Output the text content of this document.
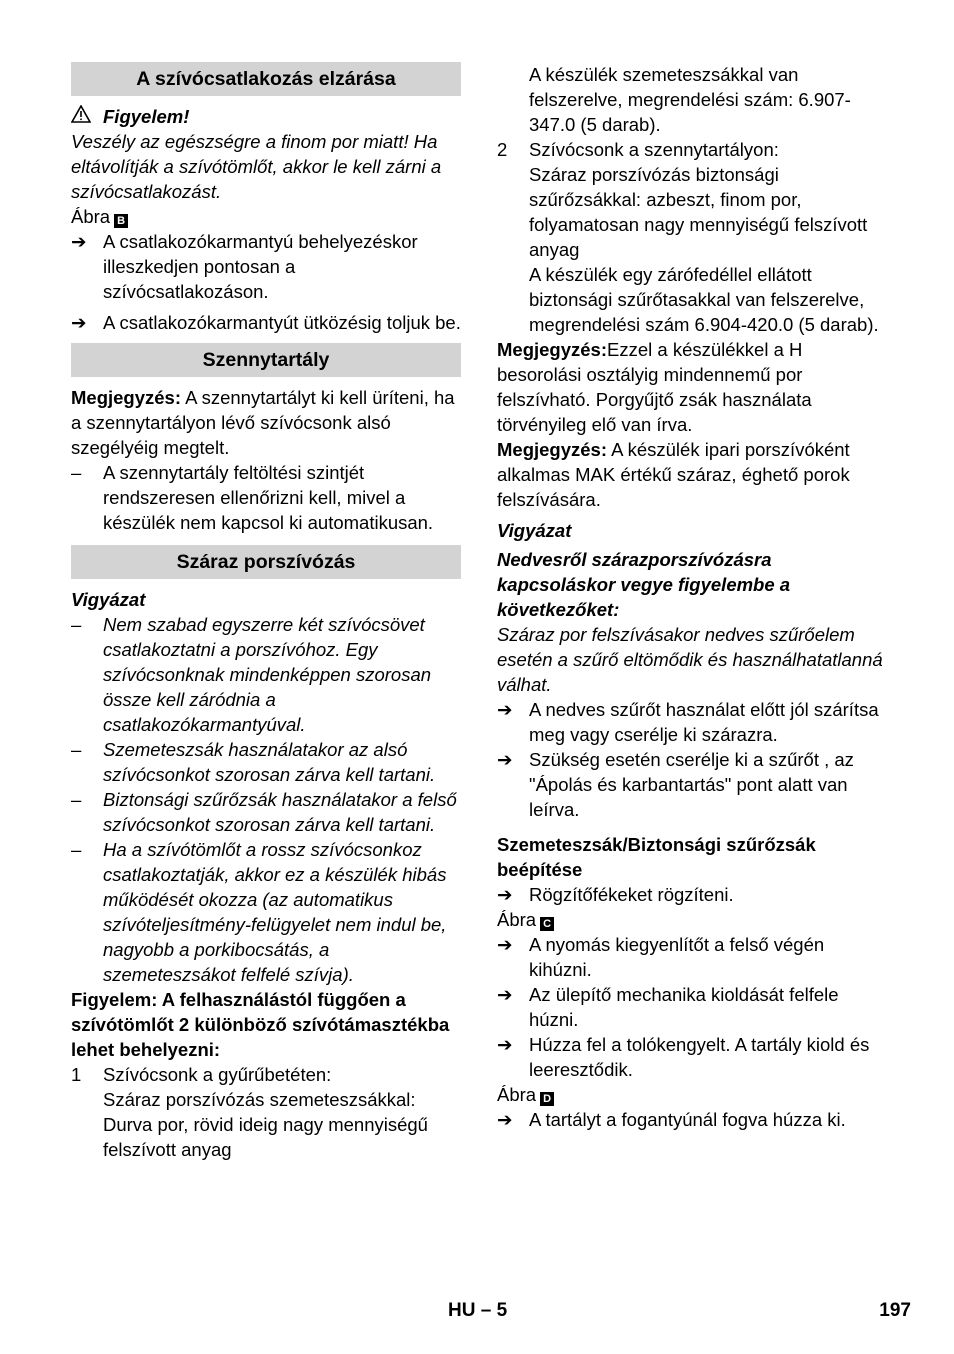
A szívócsatlakozás elzárása
Figyelem!

Veszély az egészségre a finom por miatt! Ha eltávolítják a szívótömlőt, akkor le kell zárni a szívócsatlakozást.

Ábra B

➔ A csatlakozókarmantyú behelyezéskor illeszkedjen pontosan a szívócsatlakozáson.
➔ A csatlakozókarmantyút ütközésig toljuk be.
Szennytartály

Megjegyzés: A szennytartályt ki kell üríteni, ha a szennytartályon lévő szívócsonk alsó szegélyéig megtelt.

–	A szennytartály feltöltési szintjét rendszeresen ellenőrizni kell, mivel a készülék nem kapcsol ki automatikusan.
Száraz porszívózás

Vigyázat

–	Nem szabad egyszerre két szívócsövet csatlakoztatni a porszívóhoz. Egy szívócsonknak mindenképpen szorosan össze kell záródnia a csatlakozókarmantyúval.
–	Szemeteszsák használatakor az alsó szívócsonkot szorosan zárva kell tartani.
–	Biztonsági szűrőzsák használatakor a felső szívócsonkot szorosan zárva kell tartani.
–	Ha a szívótömlőt a rossz szívócsonkoz csatlakoztatják, akkor ez a készülék hibás működését okozza (az automatikus szívóteljesítmény-felügyelet nem indul be, nagyobb a porkibocsátás, a szemeteszsákot felfelé szívja).

Figyelem: A felhasználástól függően a szívótömlőt 2 különböző szívótámasztékba lehet behelyezni:

1	Szívócsonk a gyűrűbetéten:

Száraz porszívózás szemeteszsákkal: Durva por, rövid ideig nagy mennyiségű felszívott anyag

A készülék szemeteszsákkal van felszerelve, megrendelési szám: 6.907-347.0 (5 darab).

2	Szívócsonk a szennytartályon:

Száraz porszívózás biztonsági szűrőzsákkal: azbeszt, finom por, folyamatosan nagy mennyiségű felszívott anyag

A készülék egy zárófedéllel ellátott biztonsági szűrőtasakkal van felszerelve, megrendelési szám 6.904-420.0 (5 darab).

Megjegyzés:Ezzel a készülékkel a H besorolási osztályig mindennemű por felszívható. Porgyűjtő zsák használata törvényileg elő van írva.

Megjegyzés: A készülék ipari porszívóként alkalmas MAK értékű száraz, éghető porok felszívására.

Vigyázat

Nedvesről szárazporszívózásra kapcsoláskor vegye figyelembe a következőket:

Száraz por felszívásakor nedves szűrőelem esetén a szűrő eltömődik és használhatatlanná válhat.

➔ A nedves szűrőt használat előtt jól szárítsa meg vagy cserélje ki szárazra.
➔ Szükség esetén cserélje ki a szűrőt , az "Ápolás és karbantartás" pont alatt van leírva.

Szemeteszsák/Biztonsági szűrőzsák beépítése

➔ Rögzítőfékeket rögzíteni.

Ábra C

➔ A nyomás kiegyenlítőt a felső végén kihúzni.
➔ Az ülepítő mechanika kioldását felfele húzni.
➔ Húzza fel a tolókengyelt. A tartály kiold és leeresztődik.

Ábra D

➔ A tartályt a fogantyúnál fogva húzza ki.
HU – 5	197
